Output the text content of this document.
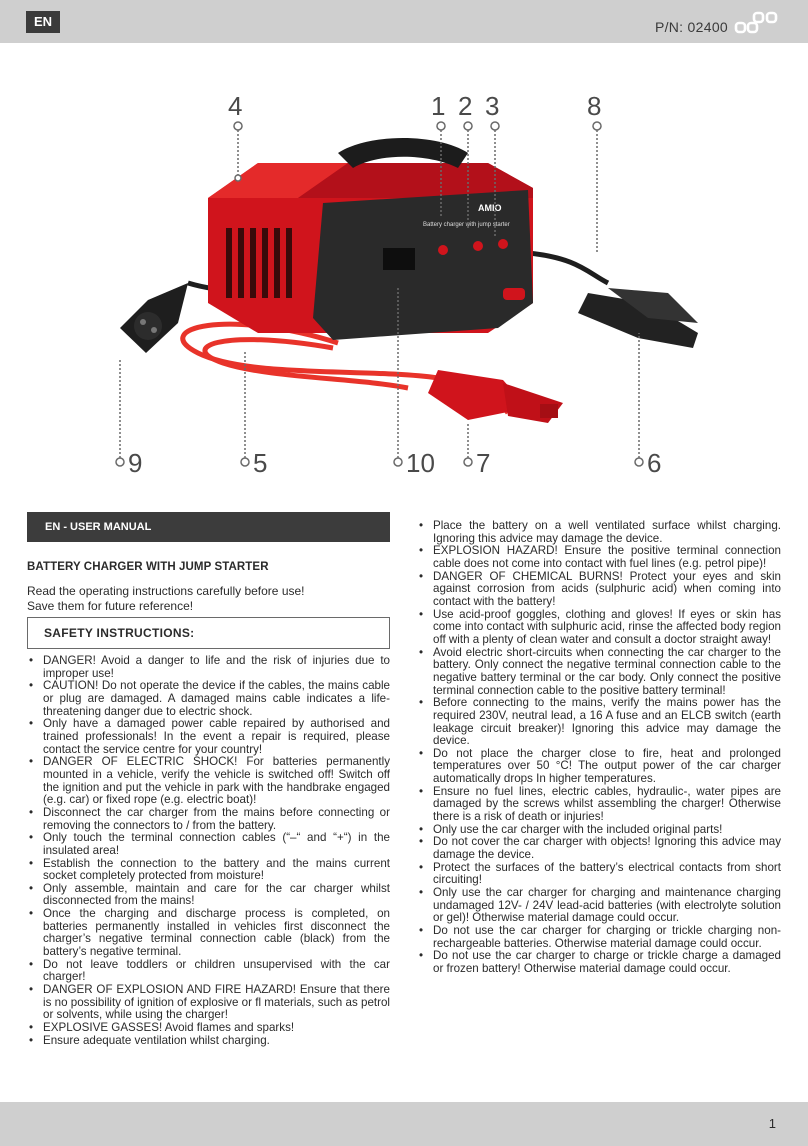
EN	P/N: 02400
AMIO
Battery charger with jump starter
4	1 2 3	8
9	5	10 7	6
EN - USER MANUAL
BATTERY CHARGER WITH JUMP STARTER
Read the operating instructions carefully before use!
Save them for future reference!
SAFETY INSTRUCTIONS:
• DANGER! Avoid a danger to life and the risk of injuries due to improper use!
• CAUTION! Do not operate the device if the cables, the mains cable or plug are damaged. A damaged mains cable indicates a life-threatening danger due to electric shock.
• Only have a damaged power cable repaired by authorised and trained professionals! In the event a repair is required, please contact the service centre for your country!
• DANGER OF ELECTRIC SHOCK! For batteries permanently mounted in a vehicle, verify the vehicle is switched off! Switch off the ignition and put the vehicle in park with the handbrake engaged (e.g. car) or fixed rope (e.g. electric boat)!
• Disconnect the car charger from the mains before connecting or removing the connectors to / from the battery.
• Only touch the terminal connection cables (“–“ and “+“) in the insulated area!
• Establish the connection to the battery and the mains current socket completely protected from moisture!
• Only assemble, maintain and care for the car charger whilst disconnected from the mains!
• Once the charging and discharge process is completed, on batteries permanently installed in vehicles first disconnect the charger’s negative terminal connection cable (black) from the battery’s negative terminal.
• Do not leave toddlers or children unsupervised with the car charger!
• DANGER OF EXPLOSION AND FIRE HAZARD! Ensure that there is no possibility of ignition of explosive or fl materials, such as petrol or solvents, while using the charger!
• EXPLOSIVE GASSES! Avoid flames and sparks!
• Ensure adequate ventilation whilst charging.
• Place the battery on a well ventilated surface whilst charging. Ignoring this advice may damage the device.
• EXPLOSION HAZARD! Ensure the positive terminal connection cable does not come into contact with fuel lines (e.g. petrol pipe)!
• DANGER OF CHEMICAL BURNS! Protect your eyes and skin against corrosion from acids (sulphuric acid) when coming into contact with the battery!
• Use acid-proof goggles, clothing and gloves! If eyes or skin has come into contact with sulphuric acid, rinse the affected body region off with a plenty of clean water and consult a doctor straight away!
• Avoid electric short-circuits when connecting the car charger to the battery. Only connect the negative terminal connection cable to the negative battery terminal or the car body. Only connect the positive terminal connection cable to the positive battery terminal!
• Before connecting to the mains, verify the mains power has the required 230V, neutral lead, a 16 A fuse and an ELCB switch (earth leakage circuit breaker)! Ignoring this advice may damage the device.
• Do not place the charger close to fire, heat and prolonged temperatures over 50 °C! The output power of the car charger automatically drops In higher temperatures.
• Ensure no fuel lines, electric cables, hydraulic-, water pipes are damaged by the screws whilst assembling the charger! Otherwise there is a risk of death or injuries!
• Only use the car charger with the included original parts!
• Do not cover the car charger with objects! Ignoring this advice may damage the device.
• Protect the surfaces of the battery’s electrical contacts from short circuiting!
• Only use the car charger for charging and maintenance charging undamaged 12V- / 24V lead-acid batteries (with electrolyte solution or gel)! Otherwise material damage could occur.
• Do not use the car charger for charging or trickle charging non-rechargeable batteries. Otherwise material damage could occur.
• Do not use the car charger to charge or trickle charge a damaged or frozen battery! Otherwise material damage could occur.
1
